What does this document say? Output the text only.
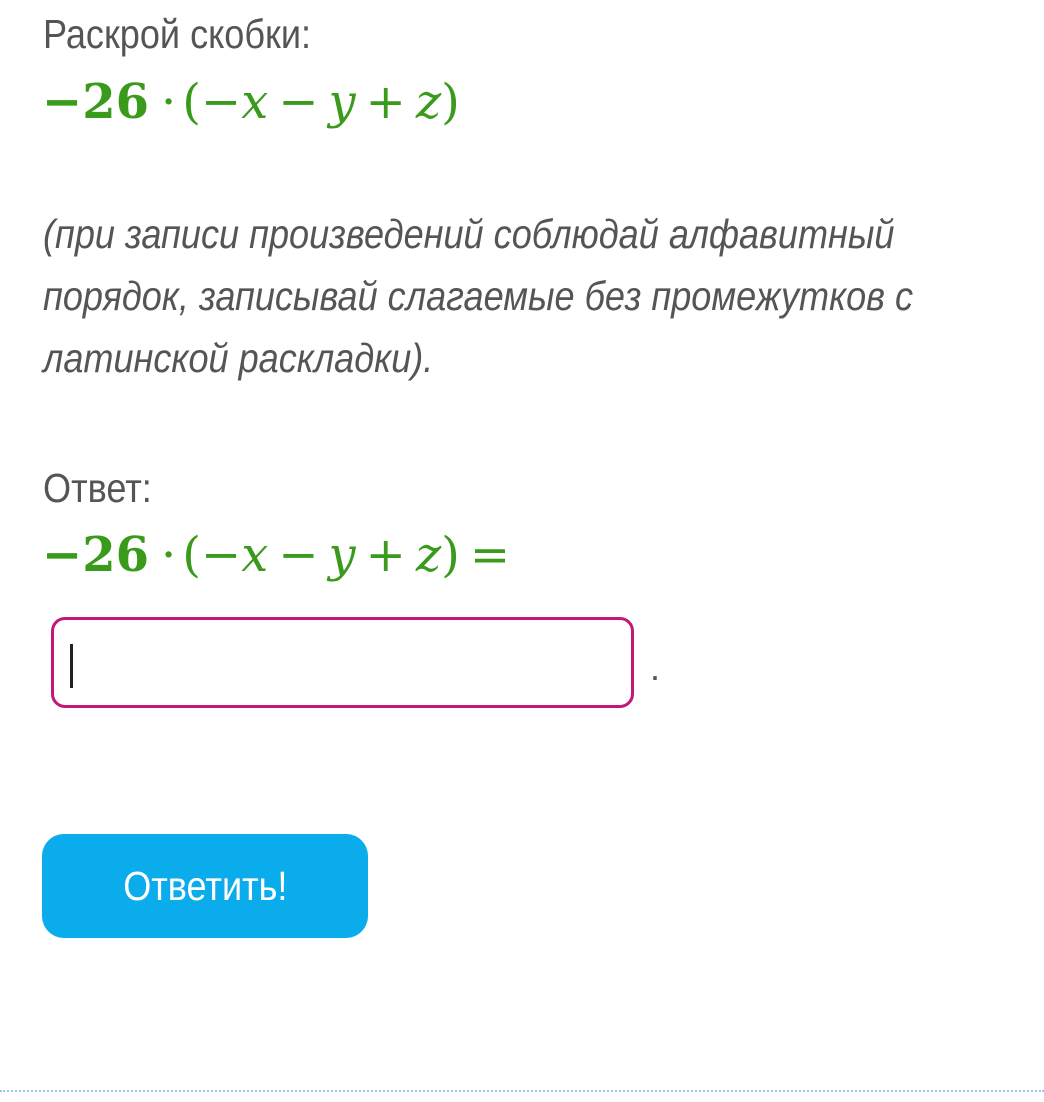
Раскрой скобки:
−26 · (−x − y + z)
(при записи произведений соблюдай алфавитный
порядок, записывай слагаемые без промежутков с
латинской раскладки).
Ответ:
−26 · (−x − y + z) =
.
Ответить!
